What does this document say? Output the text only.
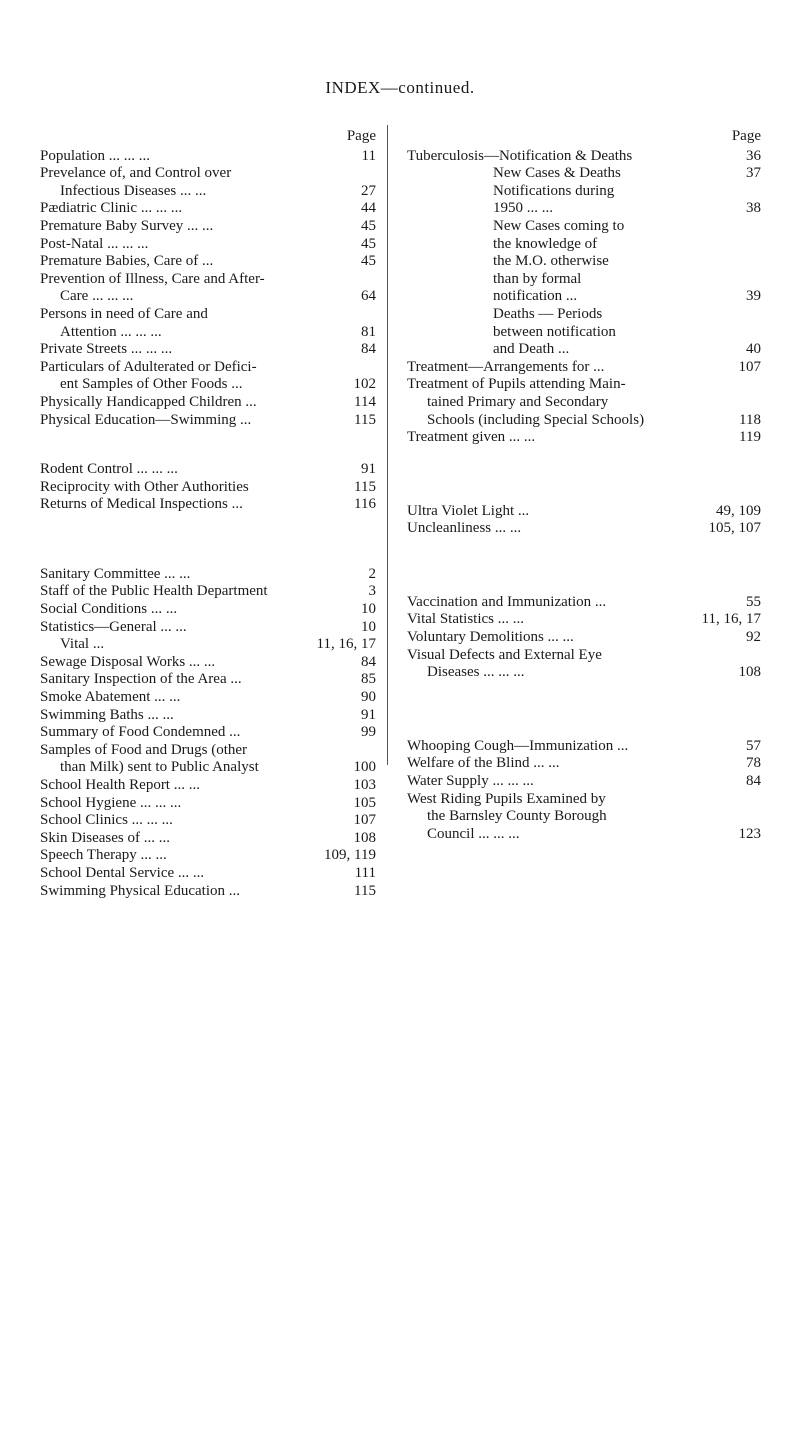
INDEX—continued.
Page
Population ... ... ...	11
Prevelance of, and Control over
Infectious Diseases ... ...	27
Pædiatric Clinic ... ... ...	44
Premature Baby Survey ... ...	45
Post-Natal ... ... ...	45
Premature Babies, Care of ...	45
Prevention of Illness, Care and After-
Care ... ... ...	64
Persons in need of Care and
Attention ... ... ...	81
Private Streets ... ... ...	84
Particulars of Adulterated or Defici-
ent Samples of Other Foods ...	102
Physically Handicapped Children ...	114
Physical Education—Swimming ...	115
Rodent Control ... ... ...	91
Reciprocity with Other Authorities	115
Returns of Medical Inspections ...	116
Sanitary Committee ... ...	2
Staff of the Public Health Department	3
Social Conditions ... ...	10
Statistics—General ... ...	10
Vital ...	11, 16, 17
Sewage Disposal Works ... ...	84
Sanitary Inspection of the Area ...	85
Smoke Abatement ... ...	90
Swimming Baths ... ...	91
Summary of Food Condemned ...	99
Samples of Food and Drugs (other
than Milk) sent to Public Analyst	100
School Health Report ... ...	103
School Hygiene ... ... ...	105
School Clinics ... ... ...	107
Skin Diseases of ... ...	108
Speech Therapy ... ...	109, 119
School Dental Service ... ...	111
Swimming Physical Education ...	115
Page
Tuberculosis—Notification & Deaths	36
New Cases & Deaths	37
Notifications during
1950 ... ...	38
New Cases coming to
the knowledge of
the M.O. otherwise
than by formal
notification ...	39
Deaths — Periods
between notification
and Death ...	40
Treatment—Arrangements for ...	107
Treatment of Pupils attending Main-
tained Primary and Secondary
Schools (including Special Schools)	118
Treatment given ... ...	119
Ultra Violet Light ...	49, 109
Uncleanliness ... ...	105, 107
Vaccination and Immunization ...	55
Vital Statistics ... ...	11, 16, 17
Voluntary Demolitions ... ...	92
Visual Defects and External Eye
Diseases ... ... ...	108
Whooping Cough—Immunization ...	57
Welfare of the Blind ... ...	78
Water Supply ... ... ...	84
West Riding Pupils Examined by
the Barnsley County Borough
Council ... ... ...	123
